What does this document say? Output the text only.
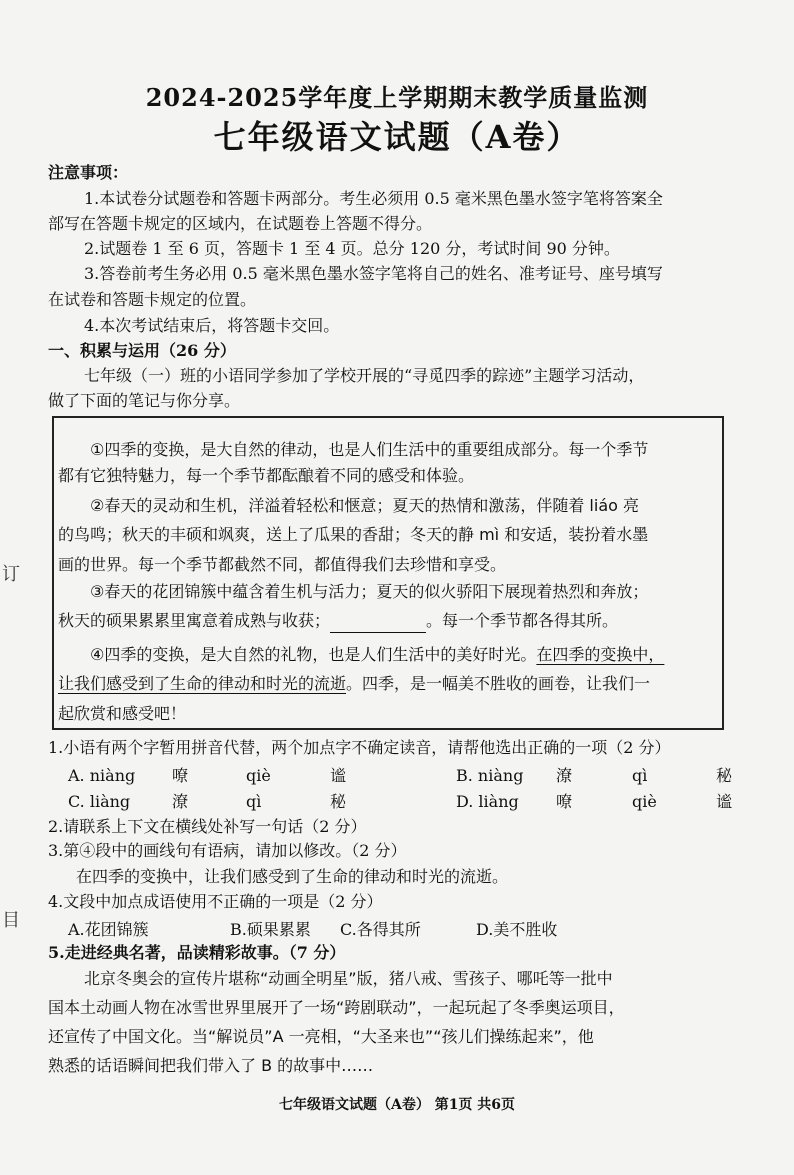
订
目
2024-2025学年度上学期期末教学质量监测
七年级语文试题（A卷）
注意事项：
1.本试卷分试题卷和答题卡两部分。考生必须用 0.5 毫米黑色墨水签字笔将答案全
部写在答题卡规定的区域内，在试题卷上答题不得分。
2.试题卷 1 至 6 页，答题卡 1 至 4 页。总分 120 分，考试时间 90 分钟。
3.答卷前考生务必用 0.5 毫米黑色墨水签字笔将自己的姓名、准考证号、座号填写
在试卷和答题卡规定的位置。
4.本次考试结束后，将答题卡交回。
一、积累与运用（26 分）
七年级（一）班的小语同学参加了学校开展的“寻觅四季的踪迹”主题学习活动，
做了下面的笔记与你分享。
①四季的变换，是大自然的律动，也是人们生活中的重要组成部分。每一个季节
都有它独特魅力，每一个季节都酝酿着不同的感受和体验。
②春天的灵动和生机，洋溢着轻松和惬意；夏天的热情和激荡，伴随着 liáo 亮
的鸟鸣；秋天的丰硕和飒爽，送上了瓜果的香甜；冬天的静 mì 和安适，装扮着水墨
画的世界。每一个季节都截然不同，都值得我们去珍惜和享受。
③春天的花团锦簇中蕴含着生机与活力；夏天的似火骄阳下展现着热烈和奔放；
秋天的硕果累累里寓意着成熟与收获；	。每一个季节都各得其所。
④四季的变换，是大自然的礼物，也是人们生活中的美好时光。在四季的变换中，
让我们感受到了生命的律动和时光的流逝。四季，是一幅美不胜收的画卷，让我们一
起欣赏和感受吧！
1.小语有两个字暂用拼音代替，两个加点字不确定读音，请帮他选出正确的一项（2 分）
A. niàng 嘹	qiè	谧	B. niàng 潦	qì	秘
C. liàng	潦	qì	秘	D. liàng 嘹	qiè	谧
2.请联系上下文在横线处补写一句话（2 分）
3.第④段中的画线句有语病，请加以修改。（2 分）
在四季的变换中，让我们感受到了生命的律动和时光的流逝。
4.文段中加点成语使用不正确的一项是（2 分）
A.花团锦簇	B.硕果累累 C.各得其所	D.美不胜收
5.走进经典名著，品读精彩故事。（7 分）
北京冬奥会的宣传片堪称“动画全明星”版，猪八戒、雪孩子、哪吒等一批中
国本土动画人物在冰雪世界里展开了一场“跨剧联动”，一起玩起了冬季奥运项目，
还宣传了中国文化。当“解说员”A 一亮相，“大圣来也”“孩儿们操练起来”，他
熟悉的话语瞬间把我们带入了 B 的故事中……
七年级语文试题（A卷） 第1页 共6页
